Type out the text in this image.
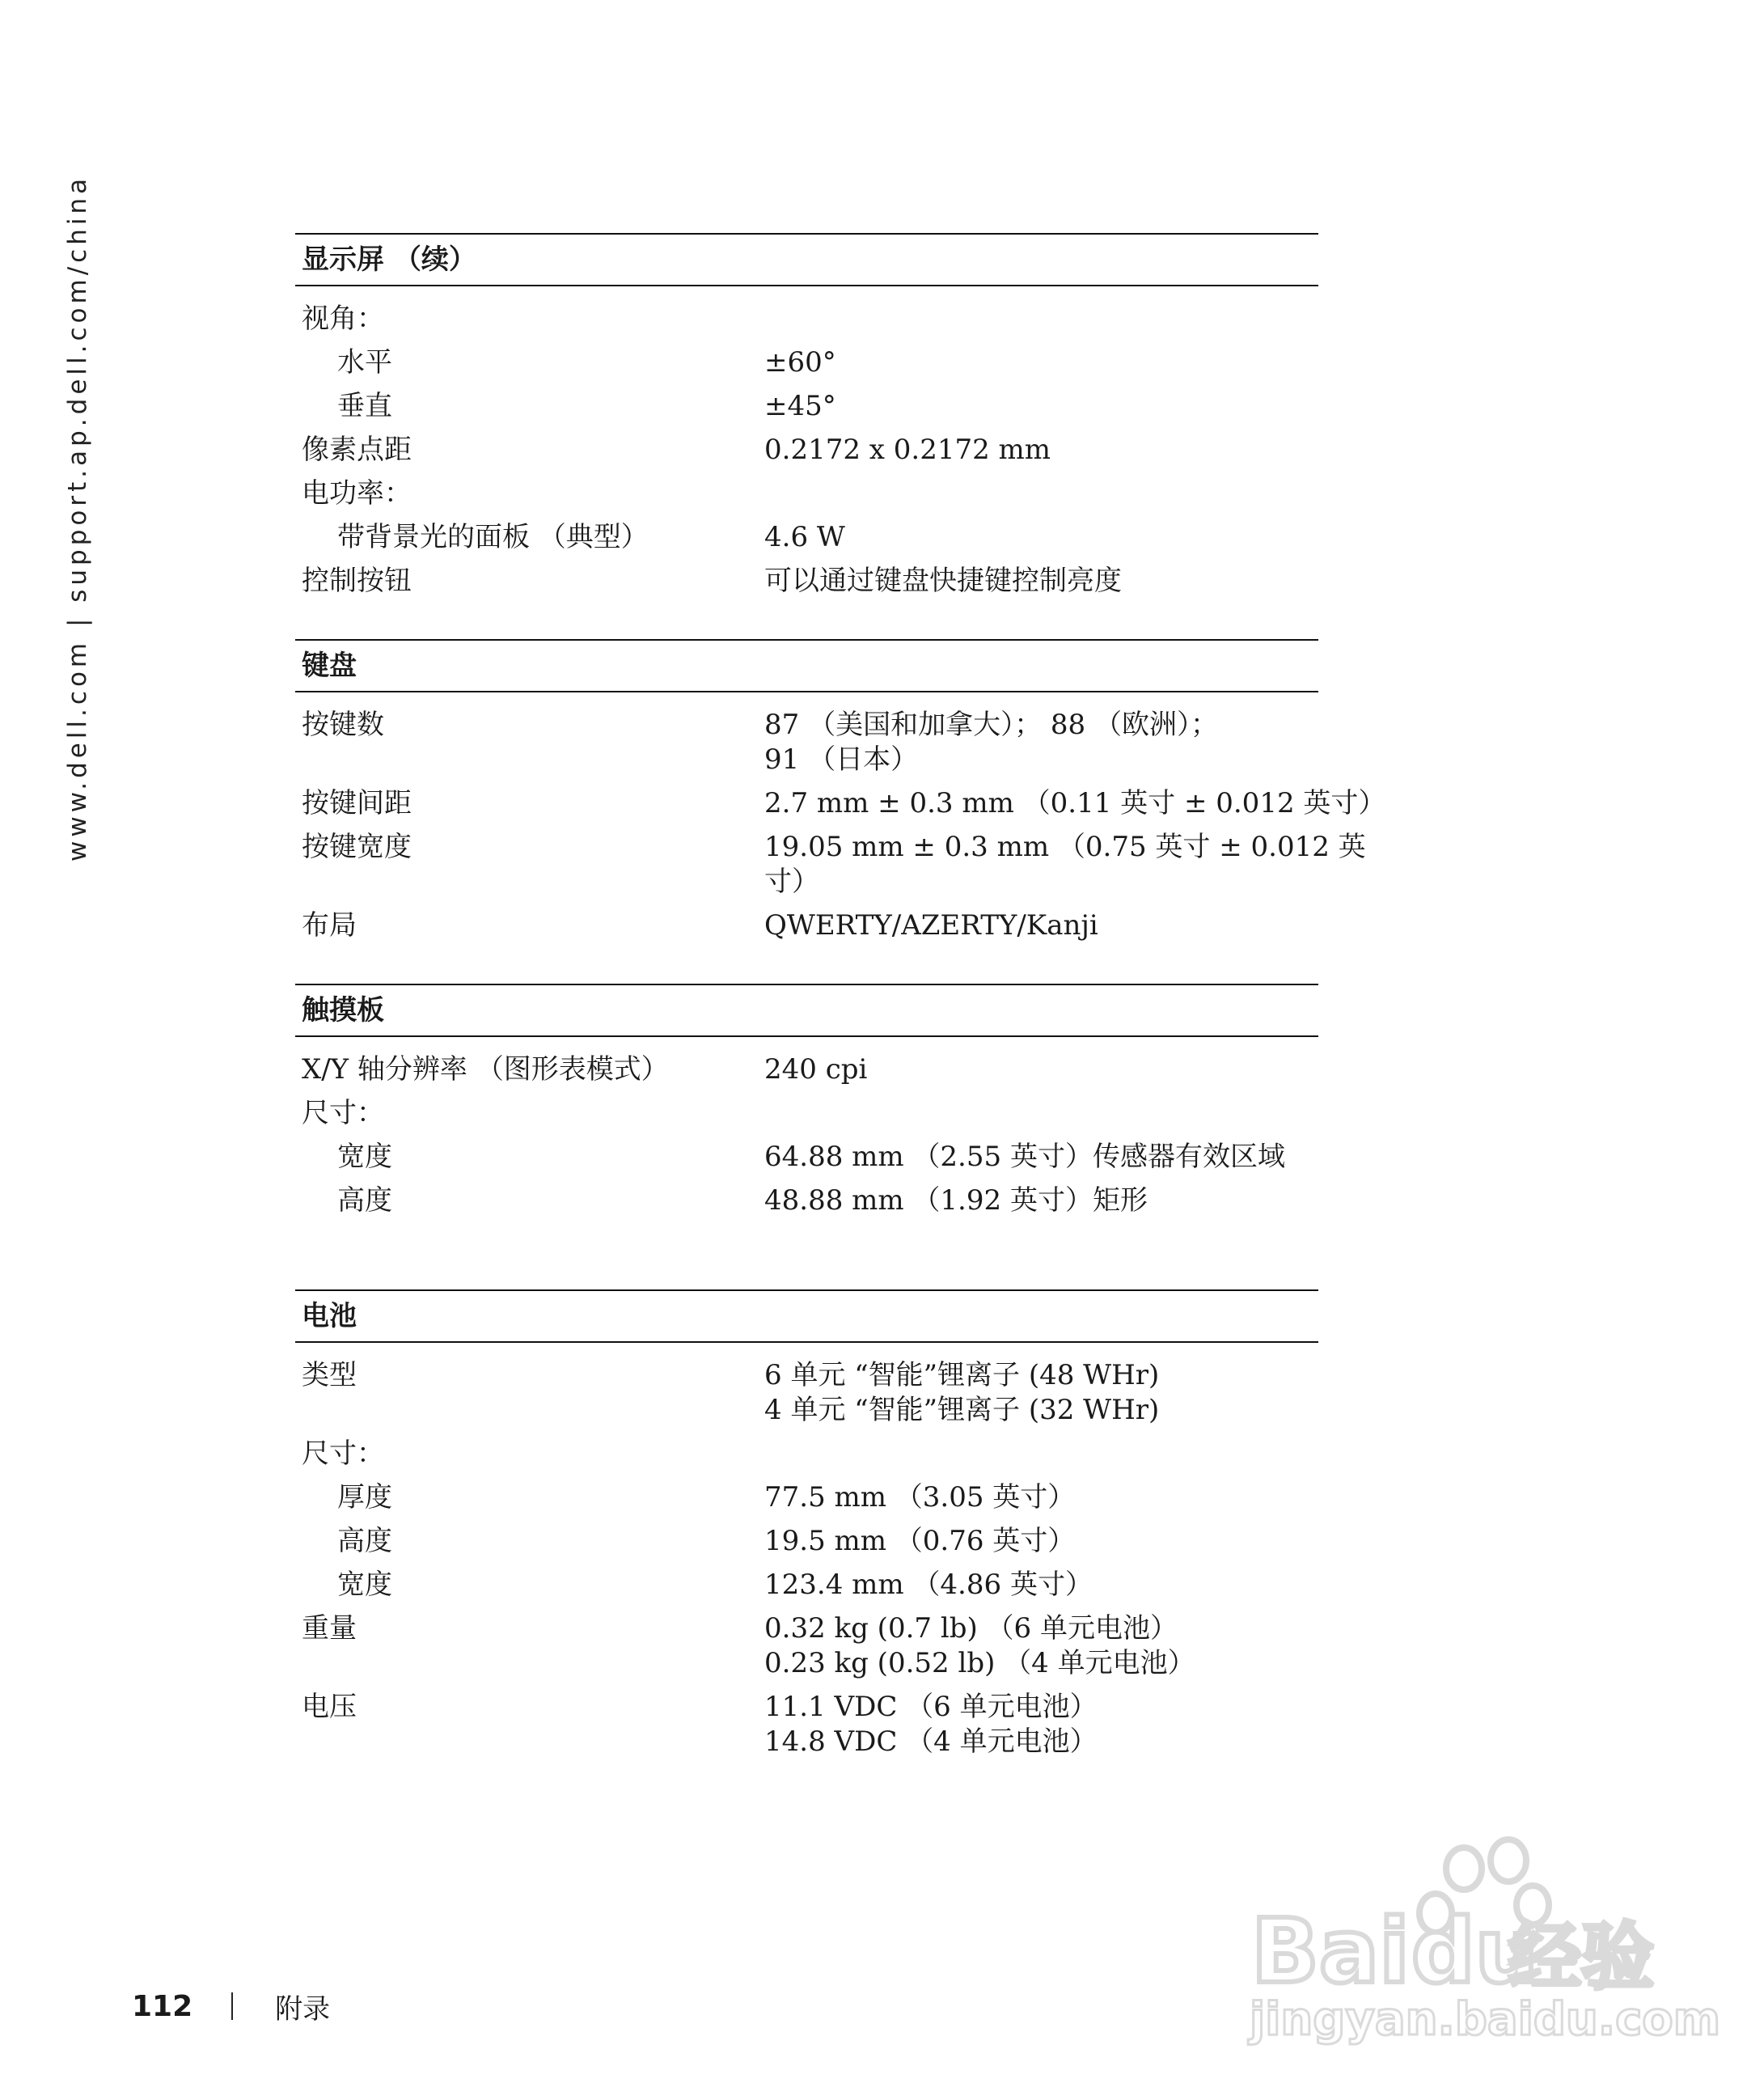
www.dell.com | support.ap.dell.com/china	显示屏 （续）
视角：
水平	±60°
垂直	±45°
像素点距	0.2172 x 0.2172 mm
电功率：
带背景光的面板 （典型）	4.6 W
控制按钮	可以通过键盘快捷键控制亮度
键盘
按键数	87 （美国和加拿大）； 88 （欧洲）；
91 （日本）
按键间距	2.7 mm ± 0.3 mm （0.11 英寸 ± 0.012 英寸）
按键宽度	19.05 mm ± 0.3 mm （0.75 英寸 ± 0.012 英
寸）
布局	QWERTY/AZERTY/Kanji
触摸板
X/Y 轴分辨率 （图形表模式）	240 cpi
尺寸：
宽度	64.88 mm （2.55 英寸）传感器有效区域
高度	48.88 mm （1.92 英寸）矩形
电池
类型	6 单元 “智能”锂离子 (48 WHr)
4 单元 “智能”锂离子 (32 WHr)
尺寸：
厚度	77.5 mm （3.05 英寸）
高度	19.5 mm （0.76 英寸）
宽度	123.4 mm （4.86 英寸）
重量	0.32 kg (0.7 lb) （6 单元电池）
0.23 kg (0.52 lb) （4 单元电池）
电压	11.1 VDC （6 单元电池）
14.8 VDC （4 单元电池）
112	附录
Bai du
经验
jingyan.baidu.com
